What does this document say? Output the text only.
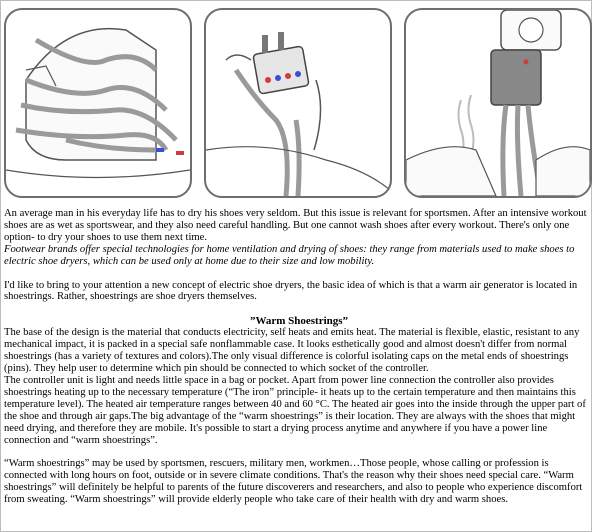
An average man in his everyday life has to dry his shoes very seldom. But this issue is relevant for sportsmen. After an intensive workout shoes are as wet as sportswear, and they also need careful handling. But one cannot wash shoes after every workout. There's only one option- to dry your shoes to use them next time.

Footwear brands offer special technologies for home ventilation and drying of shoes: they range from materials used to make shoes to electric shoe dryers, which can be used only at home due to their size and low mobility.

I'd like to bring to your attention a new concept of electric shoe dryers, the basic idea of which is that a warm air generator is located in shoestrings. Rather, shoestrings are shoe dryers themselves.

”Warm Shoestrings”

The base of the design is the material that conducts electricity, self heats and emits heat. The material is flexible, elastic, resistant to any mechanical impact, it is packed in a special safe nonflammable case. It looks esthetically good and almost doesn't differ from normal shoestrings (has a variety of textures and colors).The only visual difference is colorful isolating caps on the metal ends of shoestrings (pins). They help user to determine which pin should be connected to which socket of the controller.

The controller unit is light and needs little space in a bag or pocket. Apart from power line connection the controller also provides shoestrings heating up to the necessary temperature (“The iron” principle- it heats up to the certain temperature and then maintains this temperature level). The heated air temperature ranges between 40 and 60 °C. The heated air goes into the inside through the upper part of the shoe and through air gaps.The big advantage of the “warm shoestrings” is their location. They are always with the shoes that might need drying, and therefore they are mobile. It's possible to start a drying process anytime and anywhere if you have a power line connection and “warm shoestrings”.

“Warm shoestrings” may be used by sportsmen, rescuers, military men, workmen…Those people, whose calling or profession is connected with long hours on foot, outside or in severe climate conditions. That's the reason why their shoes need special care. “Warm shoestrings” will definitely be helpful to parents of the future discoverers and researchers, and also to people who experience discomfort from sweating. “Warm shoestrings” will provide elderly people who take care of their health with dry and warm shoes.
